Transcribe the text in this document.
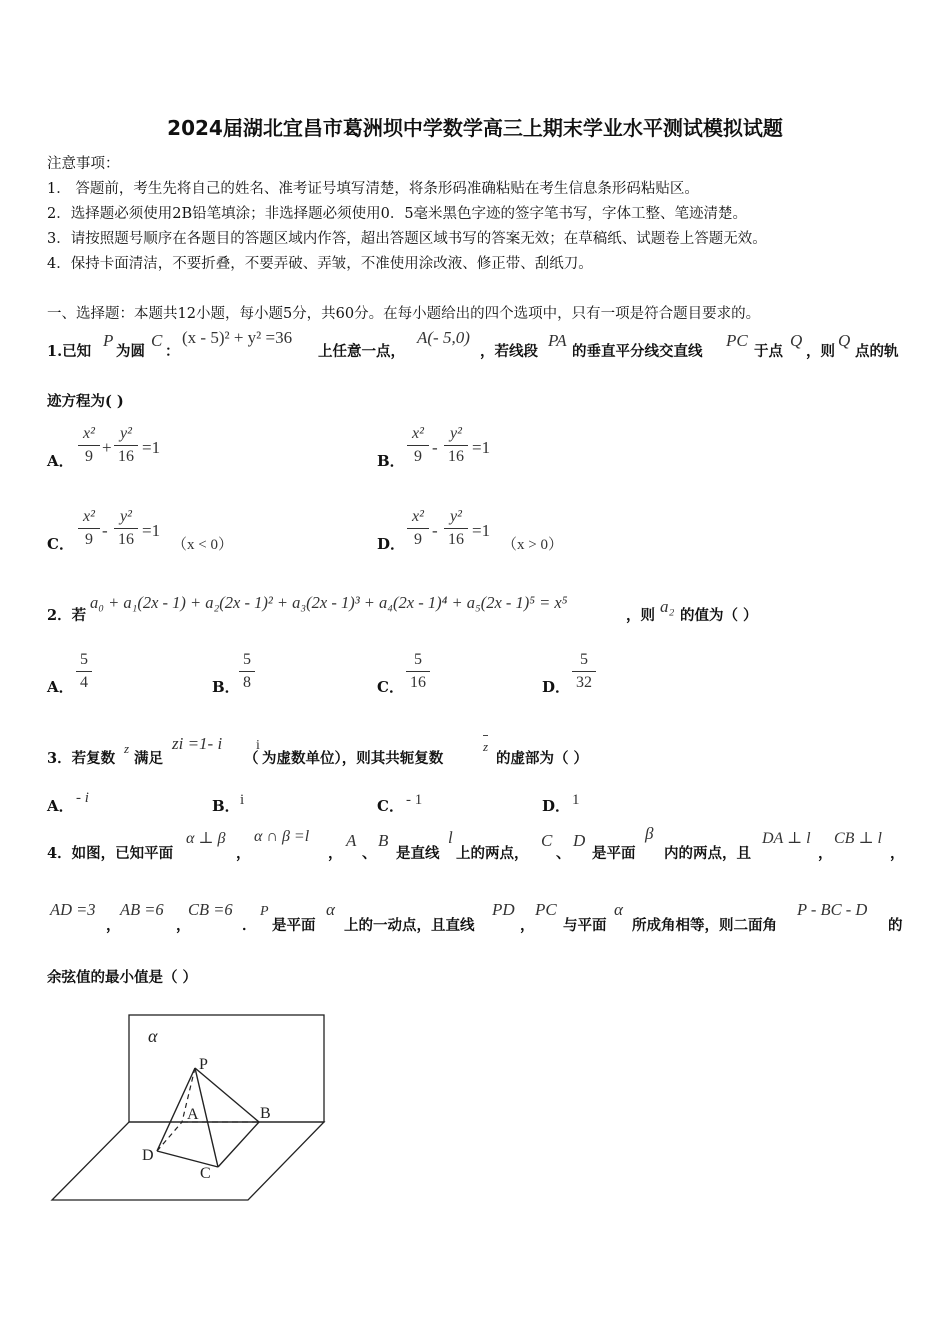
2024届湖北宜昌市葛洲坝中学数学高三上期末学业水平测试模拟试题
注意事项：
1． 答题前，考生先将自己的姓名、准考证号填写清楚，将条形码准确粘贴在考生信息条形码粘贴区。
2．选择题必须使用2B铅笔填涂；非选择题必须使用0．5毫米黑色字迹的签字笔书写，字体工整、笔迹清楚。
3．请按照题号顺序在各题目的答题区域内作答，超出答题区域书写的答案无效；在草稿纸、试题卷上答题无效。
4．保持卡面清洁，不要折叠，不要弄破、弄皱，不准使用涂改液、修正带、刮纸刀。
一、选择题：本题共12小题，每小题5分，共60分。在每小题给出的四个选项中，只有一项是符合题目要求的。
1.已知
P
为圆
C
：
(x - 5)² + y² =36
上任意一点，
A(- 5,0)
，若线段
PA
的垂直平分线交直线
PC
于点
Q
，则
Q
点的轨
迹方程为( )
A．
x²
9 +
y²
16 =1
B．
x²
9 -
y²
16 =1
C．
x²
9 -
y²
16 =1
（x < 0）	D．
x²
9 -
y²
16 =1
（x > 0）
2．若
a₀ + a₁(2x - 1) + a₂(2x - 1)² + a₃(2x - 1)³ + a₄(2x - 1)⁴ + a₅(2x - 1)⁵ = x⁵
，则 a₂ 的值为（ ）
A．
5
4	B．
5
8	C．
5
16	D．
5
32
3．若复数
z
满足
zi =1- i
（
i
为虚数单位），则其共轭复数
z
的虚部为（ ）
A． - i	B． i	C． - 1	D． 1
4．如图，已知平面
α ⊥ β
，
α ∩ β =l
，
A
、
B
是直线
l
上的两点，
C
、
D
是平面
β
内的两点，且
DA ⊥ l
，
CB ⊥ l
，
AD =3
，
AB =6
，
CB =6
．
P
是平面
α
上的一动点，且直线
PD
，
PC
与平面
α
所成角相等，则二面角
P - BC - D
的
余弦值的最小值是（ ）
α
P
A	B
C
D
